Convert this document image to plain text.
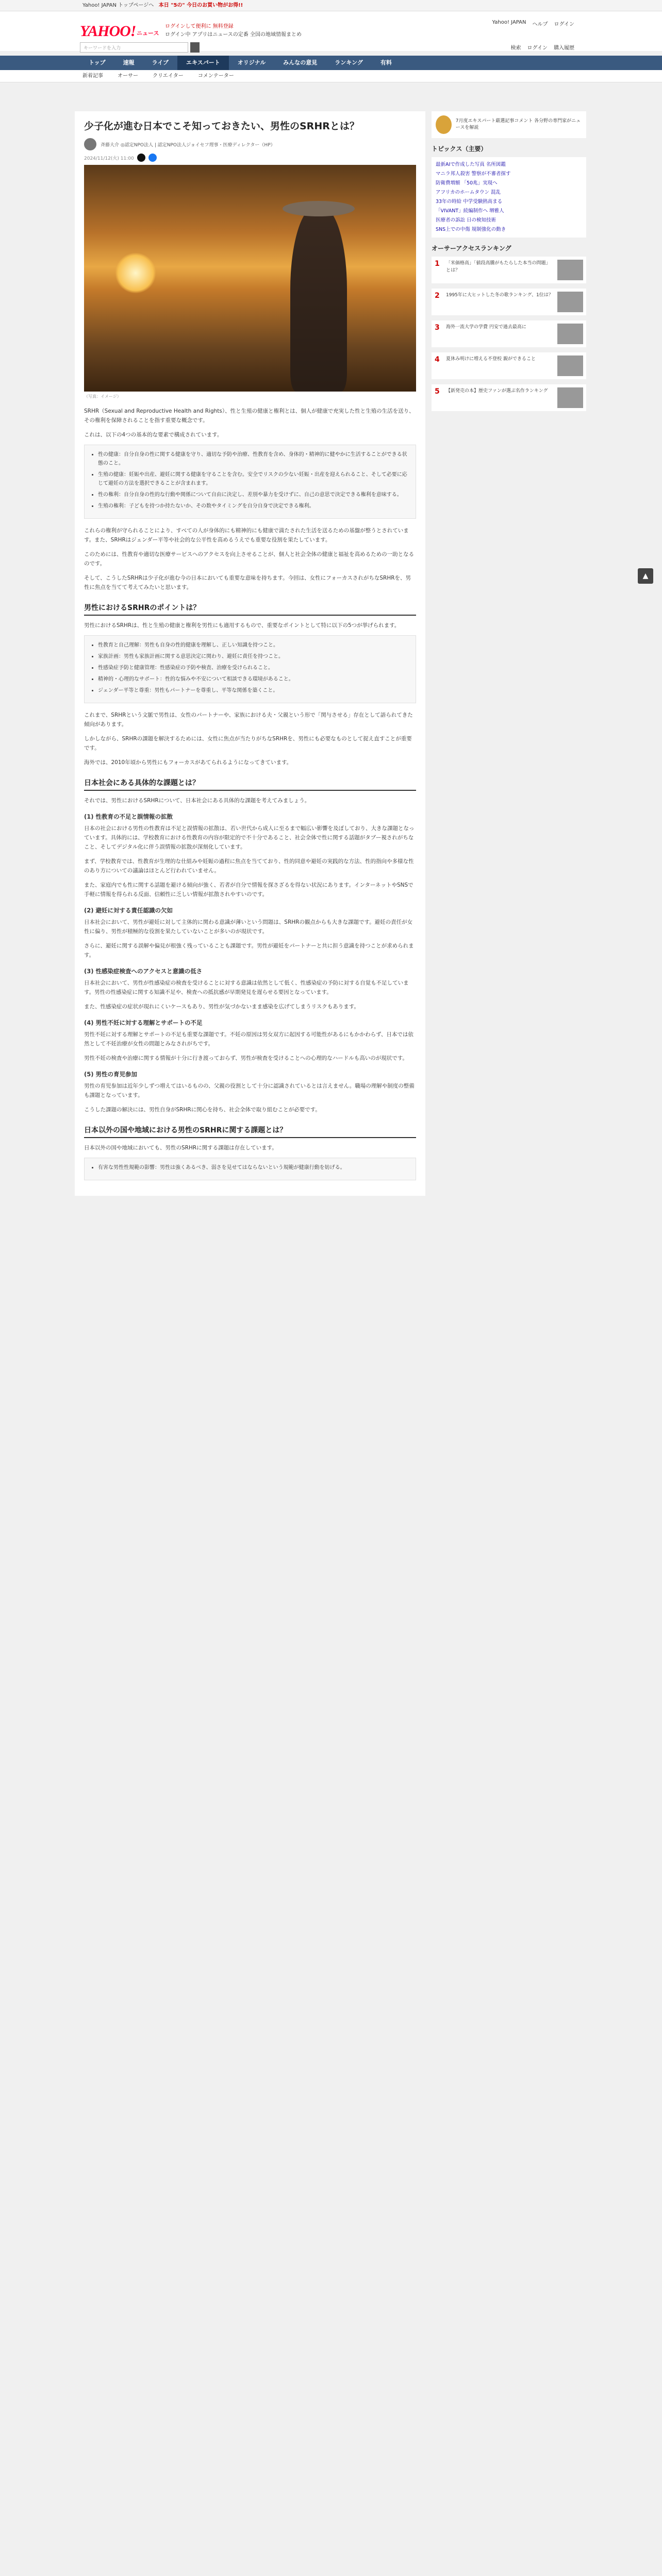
Yahoo! JAPAN トップページへ 本日 "5の" 今日のお買い物がお得!!
YAHOO! ニュース
ログインして便利に 無料登録
ログイン中 アプリはニュースの定番 全国の地域情報まとめ
Yahoo! JAPAN ヘルプ ログイン
キーワードを入力	検索 ログイン 購入履歴
トップ	速報	ライブ	エキスパート	オリジナル	みんなの意見	ランキング	有料
新着記事	オーサー	クリエイター	コメンテーター
少子化が進む日本でこそ知っておきたい、男性のSRHRとは？
斉藤大介 ◎認定NPO法人 | 認定NPO法人ジョイセフ理事・医療ディレクター（HP）
2024/11/12(火) 11:00
（写真：イメージ）

SRHR（Sexual and Reproductive Health and Rights）、性と生殖の健康と権利とは、個人が健康で充実した性と生殖の生活を送り、その権利を保障されることを指す重要な概念です。

これは、以下の4つの基本的な要素で構成されています。

• 性の健康：自分自身の性に関する健康を守り、適切な予防や治療、性教育を含め、身体的・精神的に健やかに生活することができる状態のこと。
• 生殖の健康：妊娠や出産、避妊に関する健康を守ることを含む。安全でリスクの少ない妊娠・出産を迎えられること、そして必要に応じて避妊の方法を選択できることが含まれます。
• 性の権利：自分自身の性的な行動や関係について自由に決定し、差別や暴力を受けずに、自己の意思で決定できる権利を意味する。
• 生殖の権利：子どもを持つか持たないか、その数やタイミングを自分自身で決定できる権利。

これらの権利が守られることにより、すべての人が身体的にも精神的にも健康で満たされた生活を送るための基盤が整うとされています。また、SRHRはジェンダー平等や社会的な公平性を高めるうえでも重要な役割を果たしています。

このためには、性教育や適切な医療サービスへのアクセスを向上させることが、個人と社会全体の健康と福祉を高めるための一助となるのです。

そして、こうしたSRHRは少子化が進む今の日本においても重要な意味を持ちます。今回は、女性にフォーカスされがちなSRHRを、男性に焦点を当てて考えてみたいと思います。

男性におけるSRHRのポイントは？

男性におけるSRHRは、性と生殖の健康と権利を男性にも適用するもので、重要なポイントとして特に以下の5つが挙げられます。

• 性教育と自己理解：男性も自身の性的健康を理解し、正しい知識を持つこと。
• 家族計画：男性も家族計画に関する意思決定に関わり、避妊に責任を持つこと。
• 性感染症予防と健康管理：性感染症の予防や検査、治療を受けられること。
• 精神的・心理的なサポート：性的な悩みや不安について相談できる環境があること。
• ジェンダー平等と尊重：男性もパートナーを尊重し、平等な関係を築くこと。

これまで、SRHRという文脈で男性は、女性のパートナーや、家族における夫・父親という形で「関与させる」存在として語られてきた傾向があります。

しかしながら、SRHRの課題を解決するためには、女性に焦点が当たりがちなSRHRを、男性にも必要なものとして捉え直すことが重要です。

海外では、2010年頃から男性にもフォーカスがあてられるようになってきています。

日本社会にある具体的な課題とは？

それでは、男性におけるSRHRについて、日本社会にある具体的な課題を考えてみましょう。

(1) 性教育の不足と誤情報の拡散

日本の社会における男性の性教育は不足と誤情報の拡散は、若い世代から成人に至るまで幅広い影響を及ぼしており、大きな課題となっています。具体的には、学校教育における性教育の内容が限定的で不十分であること、社会全体で性に関する話題がタブー視されがちなこと、そしてデジタル化に伴う誤情報の拡散が深刻化しています。

まず、学校教育では、性教育が生理的な仕組みや妊娠の過程に焦点を当てており、性的同意や避妊の実践的な方法、性的指向や多様な性のあり方についての議論はほとんど行われていません。

また、家庭内でも性に関する話題を避ける傾向が強く、若者が自分で情報を探さざるを得ない状況にあります。インターネットやSNSで手軽に情報を得られる反面、信頼性に乏しい情報が拡散されやすいのです。

(2) 避妊に対する責任認識の欠如

日本社会において、男性が避妊に対して主体的に関わる意識が薄いという問題は、SRHRの観点からも大きな課題です。避妊の責任が女性に偏り、男性が積極的な役割を果たしていないことが多いのが現状です。

さらに、避妊に関する誤解や偏見が根強く残っていることも課題です。男性が避妊をパートナーと共に担う意識を持つことが求められます。

(3) 性感染症検査へのアクセスと意識の低さ

日本社会において、男性が性感染症の検査を受けることに対する意識は依然として低く、性感染症の予防に対する自覚も不足しています。男性の性感染症に関する知識不足や、検査への抵抗感が早期発見を遅らせる要因となっています。

また、性感染症の症状が現れにくいケースもあり、男性が気づかないまま感染を広げてしまうリスクもあります。

(4) 男性不妊に対する理解とサポートの不足

男性不妊に対する理解とサポートの不足も重要な課題です。不妊の原因は男女双方に起因する可能性があるにもかかわらず、日本では依然として不妊治療が女性の問題とみなされがちです。

男性不妊の検査や治療に関する情報が十分に行き渡っておらず、男性が検査を受けることへの心理的なハードルも高いのが現状です。

(5) 男性の育児参加

男性の育児参加は近年少しずつ増えてはいるものの、父親の役割として十分に認識されているとは言えません。職場の理解や制度の整備も課題となっています。

こうした課題の解決には、男性自身がSRHRに関心を持ち、社会全体で取り組むことが必要です。

日本以外の国や地域における男性のSRHRに関する課題とは？

日本以外の国や地域においても、男性のSRHRに関する課題は存在しています。

• 有害な男性性規範の影響：男性は強くあるべき、弱さを見せてはならないという規範が健康行動を妨げる。
7月度エキスパート厳選記事コメント 各分野の専門家がニュースを解説
トピックス（主要）
最新AIで作成した写真 名所図鑑
マニラ邦人殺害 警察が不審者探す
防衛費増額 「50兆」実現へ
アフリカのホームタウン 混乱
33年の時給 中学受験熱高まる
「VIVANT」続編制作へ 堺雅人
医療者の訴訟 日の検知技術
SNS上での中傷 規制強化の動き
オーサーアクセスランキング
1	「米価格高」「値段高騰がもたらした本当の問題」とは？
2	1995年に大ヒットした冬の歌ランキング、1位は？
3	海外一流大学の学費 円安で過去最高に
4	夏休み明けに増える不登校 親ができること
5	【新発売の本】歴史ファンが選ぶ名作ランキング
▲
